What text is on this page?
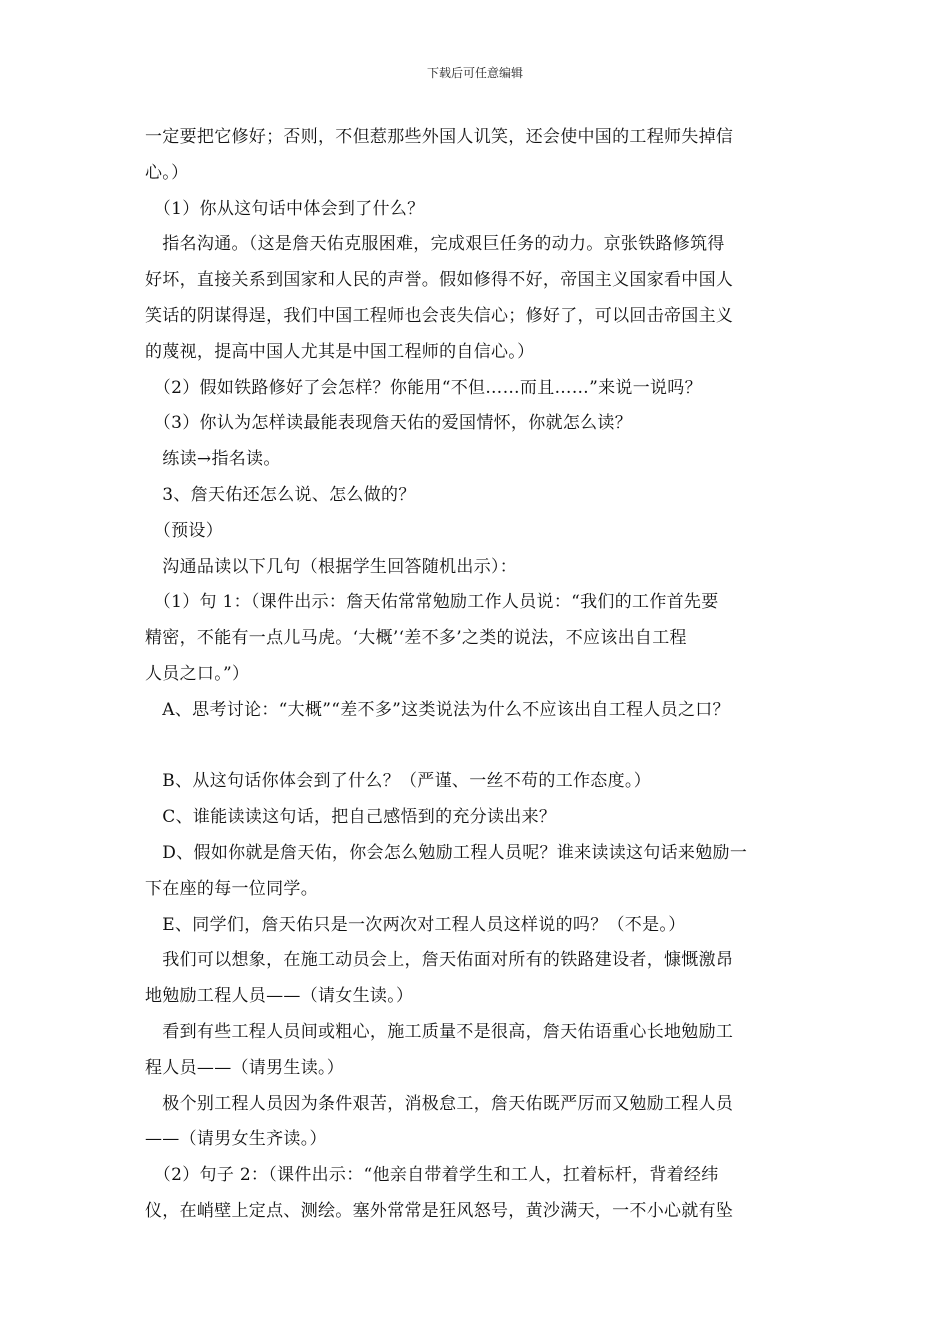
下载后可任意编辑

一定要把它修好；否则，不但惹那些外国人讥笑，还会使中国的工程师失掉信

心。）

　（1）你从这句话中体会到了什么？

　指名沟通。（这是詹天佑克服困难，完成艰巨任务的动力。京张铁路修筑得

好坏，直接关系到国家和人民的声誉。假如修得不好，帝国主义国家看中国人

笑话的阴谋得逞，我们中国工程师也会丧失信心；修好了，可以回击帝国主义

的蔑视，提高中国人尤其是中国工程师的自信心。）

　（2）假如铁路修好了会怎样？你能用“不但……而且……”来说一说吗？

　（3）你认为怎样读最能表现詹天佑的爱国情怀，你就怎么读？

　练读→指名读。

　3、詹天佑还怎么说、怎么做的？

　（预设）

　沟通品读以下几句（根据学生回答随机出示）：

　（1）句 1：（课件出示：詹天佑常常勉励工作人员说：“我们的工作首先要

精密，不能有一点儿马虎。‘大概’‘差不多’之类的说法，不应该出自工程

人员之口。”）

　A、思考讨论：“大概”“差不多”这类说法为什么不应该出自工程人员之口？

　B、从这句话你体会到了什么？（严谨、一丝不苟的工作态度。）

　C、谁能读读这句话，把自己感悟到的充分读出来？

　D、假如你就是詹天佑，你会怎么勉励工程人员呢？谁来读读这句话来勉励一

下在座的每一位同学。

　E、同学们，詹天佑只是一次两次对工程人员这样说的吗？（不是。）

　我们可以想象，在施工动员会上，詹天佑面对所有的铁路建设者，慷慨激昂

地勉励工程人员——（请女生读。）

　看到有些工程人员间或粗心，施工质量不是很高，詹天佑语重心长地勉励工

程人员——（请男生读。）

　极个别工程人员因为条件艰苦，消极怠工，詹天佑既严厉而又勉励工程人员

——（请男女生齐读。）

　（2）句子 2：（课件出示：“他亲自带着学生和工人，扛着标杆，背着经纬

仪，在峭壁上定点、测绘。塞外常常是狂风怒号，黄沙满天，一不小心就有坠
